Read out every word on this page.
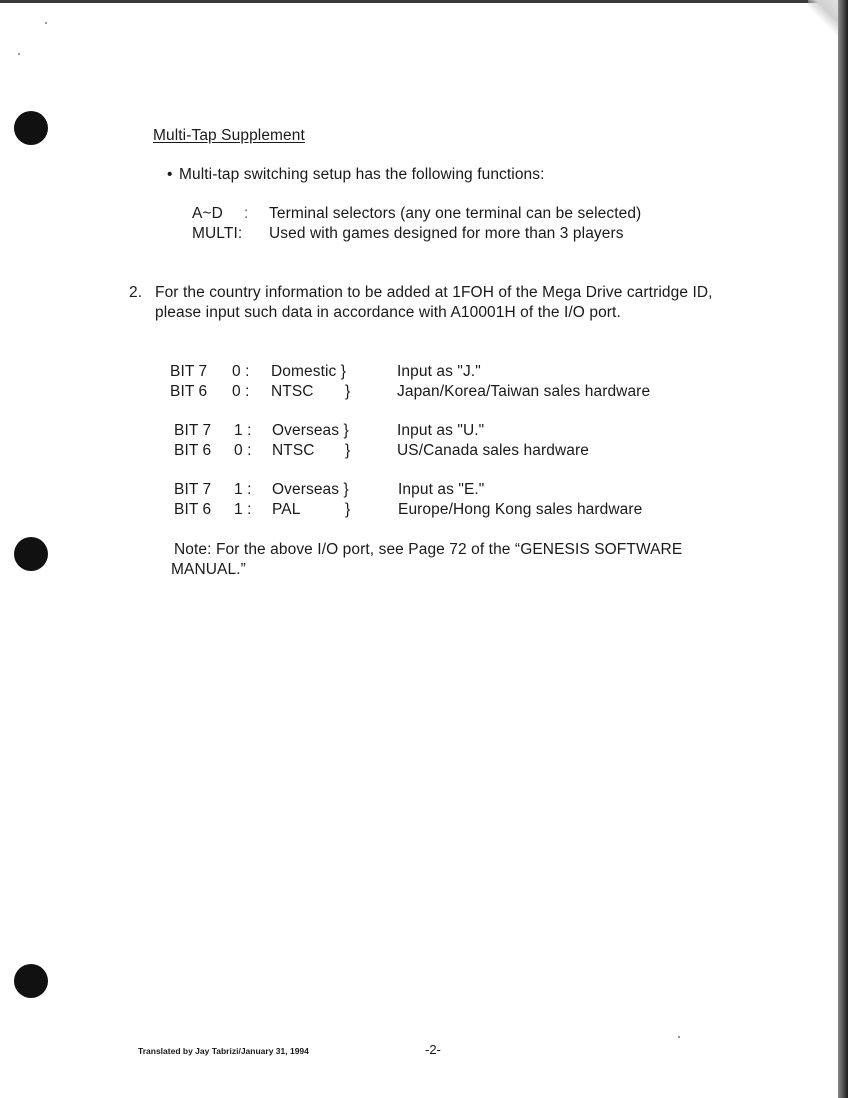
Multi-Tap Supplement
• Multi-tap switching setup has the following functions:
A~D : Terminal selectors (any one terminal can be selected)
MULTI: Used with games designed for more than 3 players
2. For the country information to be added at 1FOH of the Mega Drive cartridge ID,
please input such data in accordance with A10001H of the I/O port.
BIT 7 0 : Domestic }	Input as "J."
BIT 6 0 : NTSC }	Japan/Korea/Taiwan sales hardware
BIT 7 1 : Overseas }	Input as "U."
BIT 6 0 : NTSC }	US/Canada sales hardware
BIT 7 1 : Overseas }	Input as "E."
BIT 6 1 : PAL	}	Europe/Hong Kong sales hardware
Note: For the above I/O port, see Page 72 of the “GENESIS SOFTWARE
MANUAL.”
Translated by Jay Tabrizi/January 31, 1994	-2-
